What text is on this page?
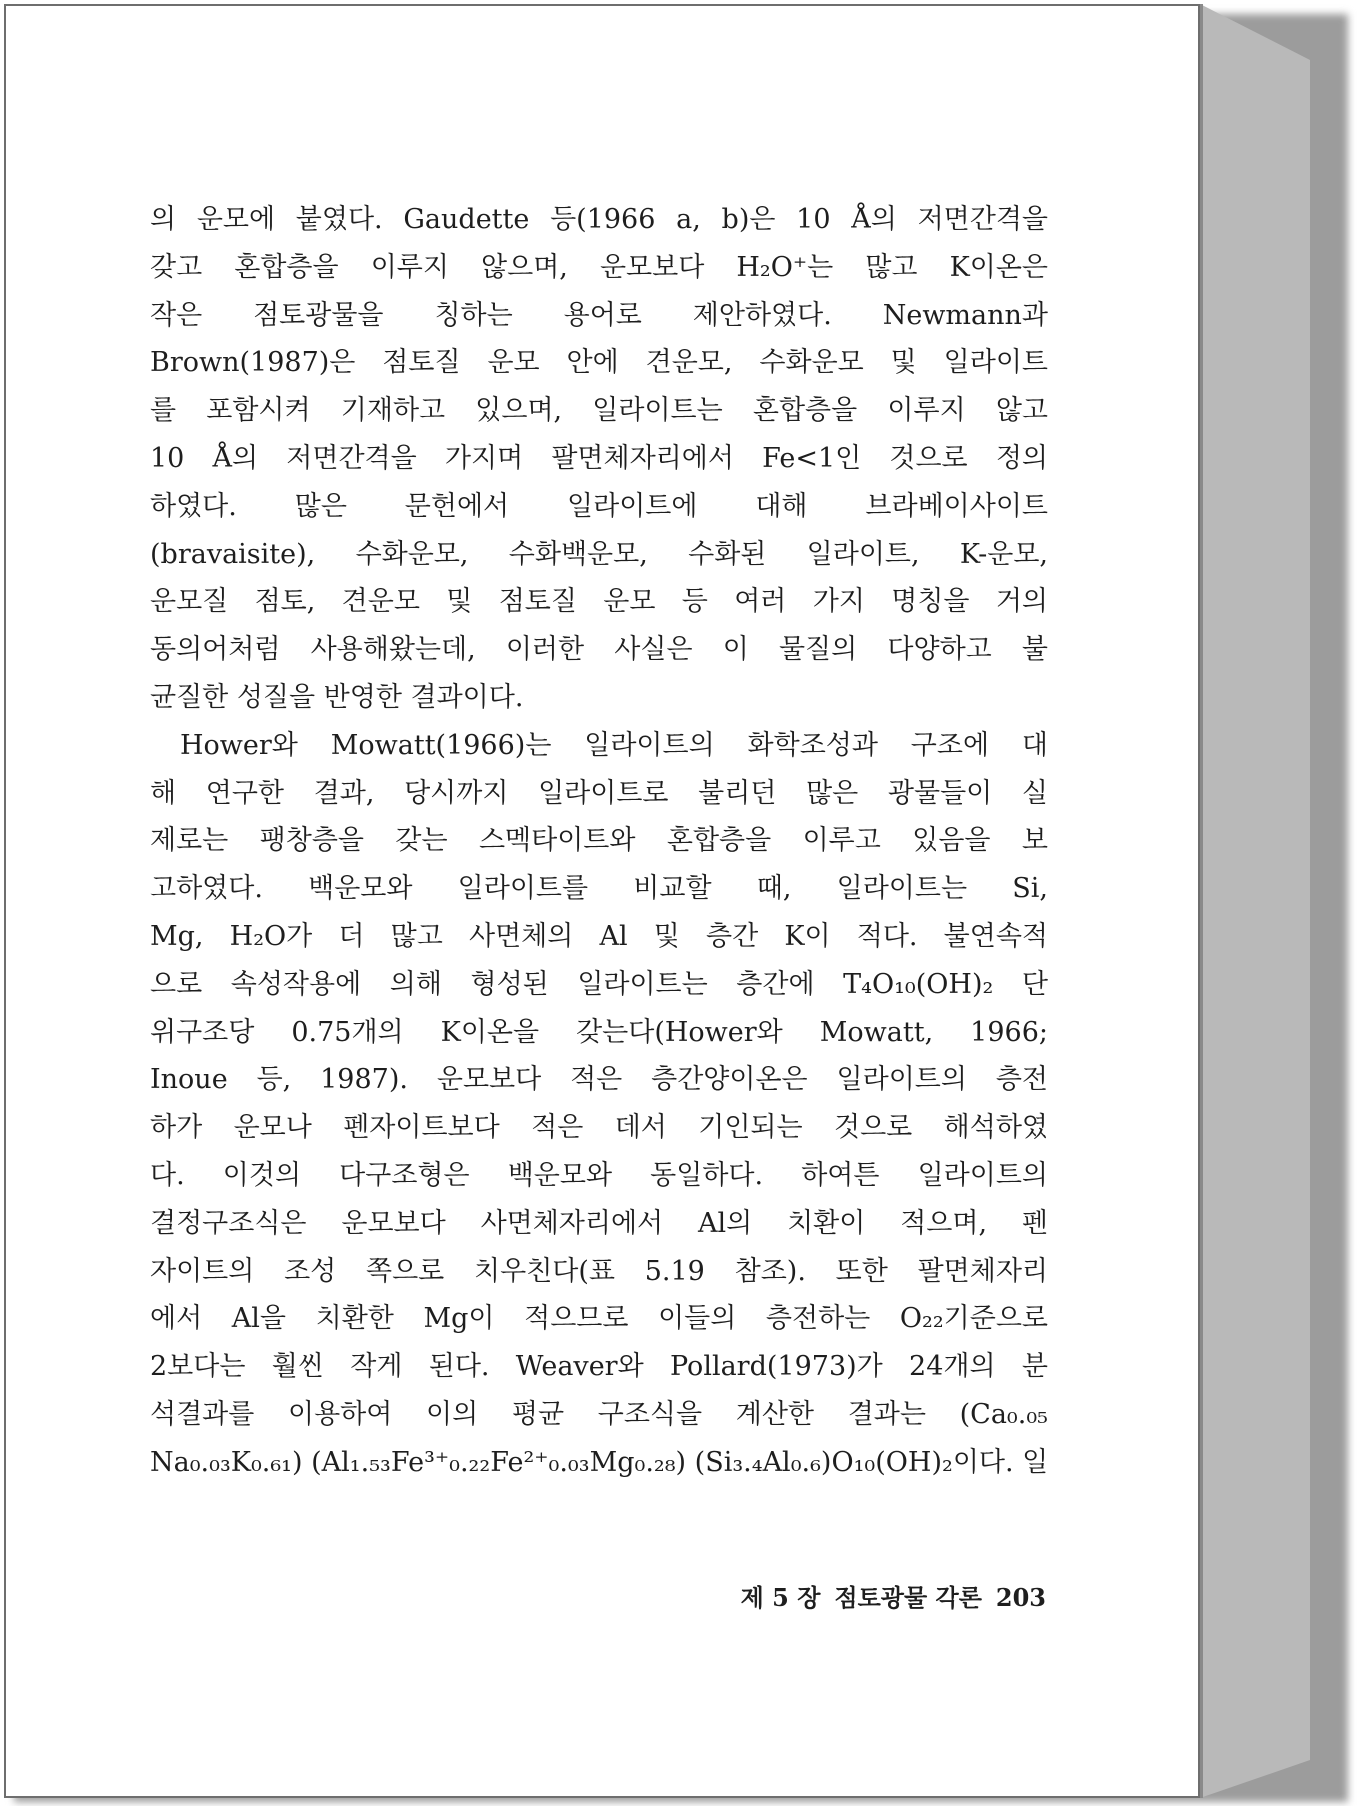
의 운모에 붙였다. Gaudette 등(1966 a, b)은 10 Å의 저면간격을
갖고 혼합층을 이루지 않으며, 운모보다 H₂O⁺는 많고 K이온은
작은 점토광물을 칭하는 용어로 제안하였다. Newmann과
Brown(1987)은 점토질 운모 안에 견운모, 수화운모 및 일라이트
를 포함시켜 기재하고 있으며, 일라이트는 혼합층을 이루지 않고
10 Å의 저면간격을 가지며 팔면체자리에서 Fe<1인 것으로 정의
하였다. 많은 문헌에서 일라이트에 대해 브라베이사이트
(bravaisite), 수화운모, 수화백운모, 수화된 일라이트, K-운모,
운모질 점토, 견운모 및 점토질 운모 등 여러 가지 명칭을 거의
동의어처럼 사용해왔는데, 이러한 사실은 이 물질의 다양하고 불
균질한 성질을 반영한 결과이다.
Hower와 Mowatt(1966)는 일라이트의 화학조성과 구조에 대
해 연구한 결과, 당시까지 일라이트로 불리던 많은 광물들이 실
제로는 팽창층을 갖는 스멕타이트와 혼합층을 이루고 있음을 보
고하였다. 백운모와 일라이트를 비교할 때, 일라이트는 Si,
Mg, H₂O가 더 많고 사면체의 Al 및 층간 K이 적다. 불연속적
으로 속성작용에 의해 형성된 일라이트는 층간에 T₄O₁₀(OH)₂ 단
위구조당 0.75개의 K이온을 갖는다(Hower와 Mowatt, 1966;
Inoue 등, 1987). 운모보다 적은 층간양이온은 일라이트의 층전
하가 운모나 펜자이트보다 적은 데서 기인되는 것으로 해석하였
다. 이것의 다구조형은 백운모와 동일하다. 하여튼 일라이트의
결정구조식은 운모보다 사면체자리에서 Al의 치환이 적으며, 펜
자이트의 조성 쪽으로 치우친다(표 5.19 참조). 또한 팔면체자리
에서 Al을 치환한 Mg이 적으므로 이들의 층전하는 O₂₂기준으로
2보다는 훨씬 작게 된다. Weaver와 Pollard(1973)가 24개의 분
석결과를 이용하여 이의 평균 구조식을 계산한 결과는 (Ca₀.₀₅
Na₀.₀₃K₀.₆₁) (Al₁.₅₃Fe³⁺₀.₂₂Fe²⁺₀.₀₃Mg₀.₂₈) (Si₃.₄Al₀.₆)O₁₀(OH)₂이다. 일
제 5 장 점토광물 각론 203
